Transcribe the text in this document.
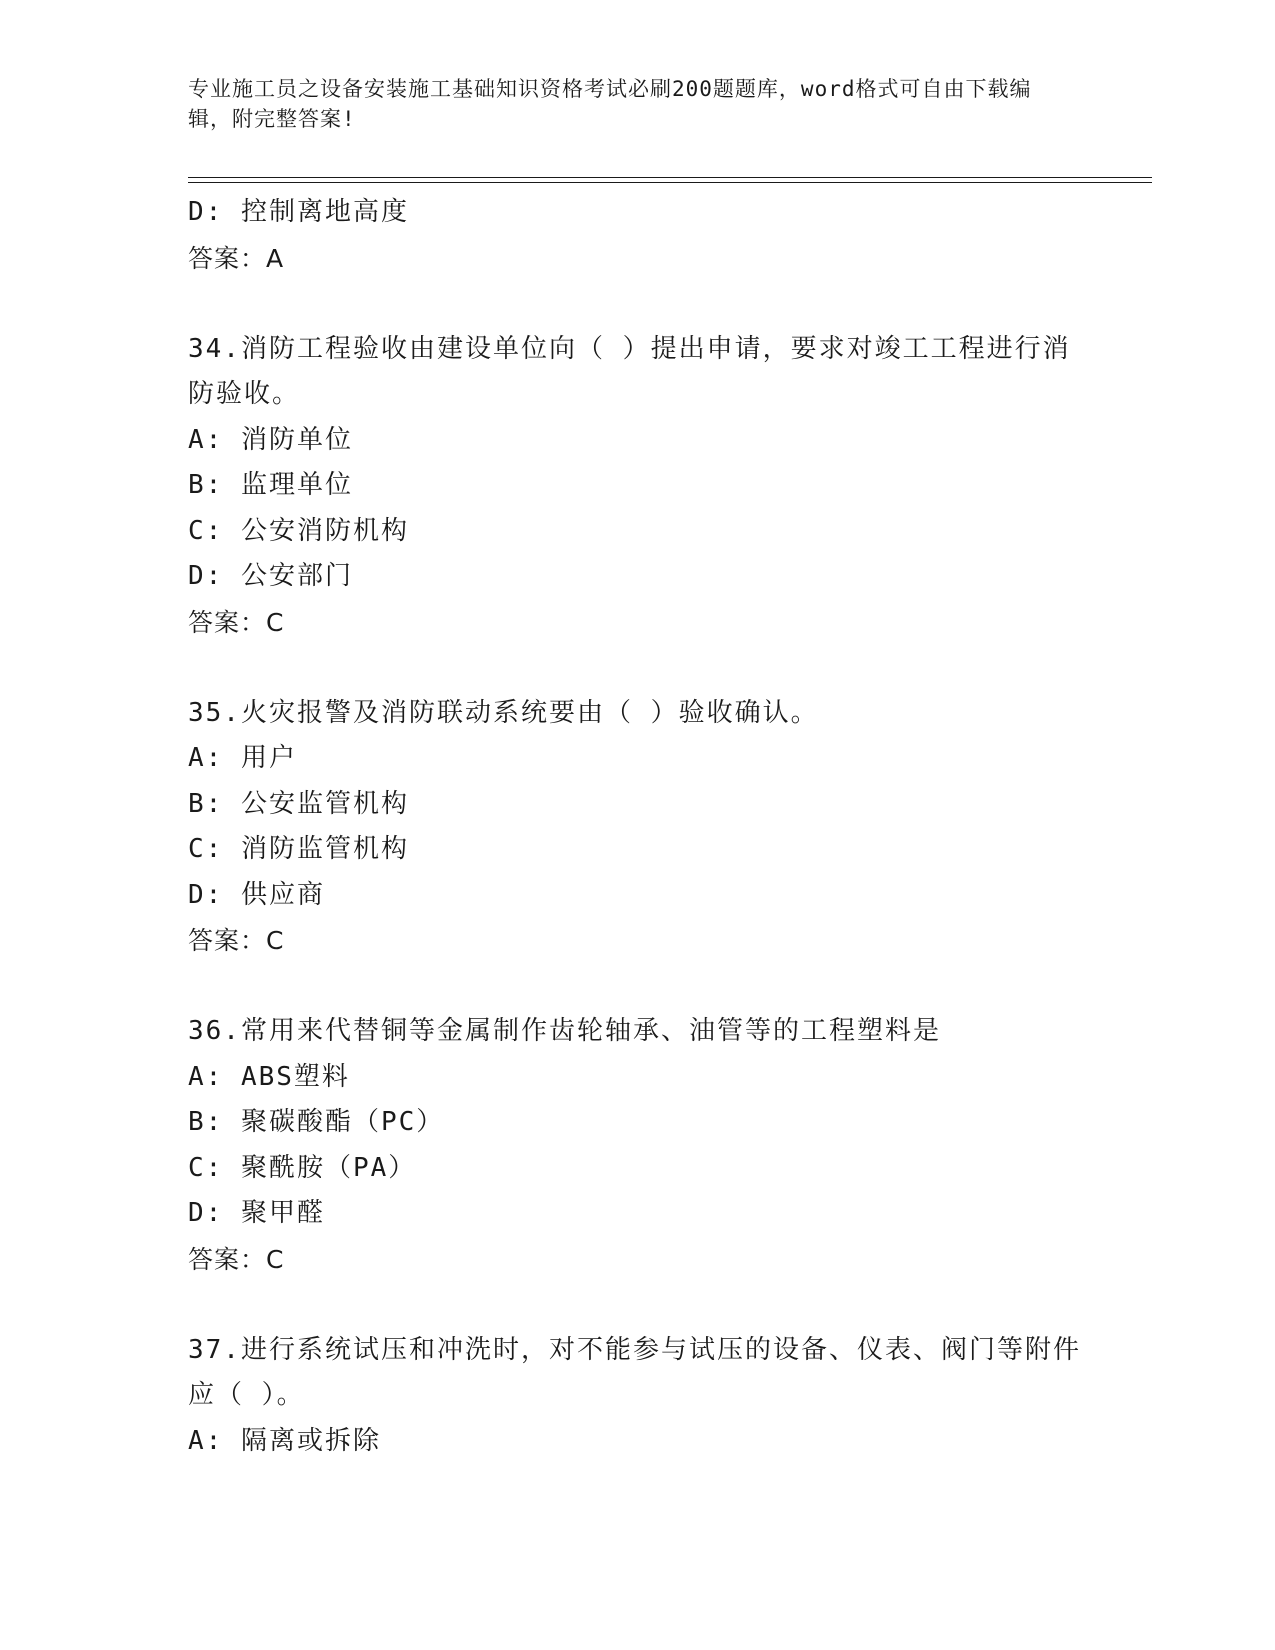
专业施工员之设备安装施工基础知识资格考试必刷200题题库，word格式可自由下载编辑，附完整答案!
D: 控制离地高度
答案：A
34.消防工程验收由建设单位向（ ）提出申请，要求对竣工工程进行消防验收。
A: 消防单位
B: 监理单位
C: 公安消防机构
D: 公安部门
答案：C
35.火灾报警及消防联动系统要由（ ）验收确认。
A: 用户
B: 公安监管机构
C: 消防监管机构
D: 供应商
答案：C
36.常用来代替铜等金属制作齿轮轴承、油管等的工程塑料是
A: ABS塑料
B: 聚碳酸酯（PC）
C: 聚酰胺（PA）
D: 聚甲醛
答案：C
37.进行系统试压和冲洗时，对不能参与试压的设备、仪表、阀门等附件应（ ）。
A: 隔离或拆除
